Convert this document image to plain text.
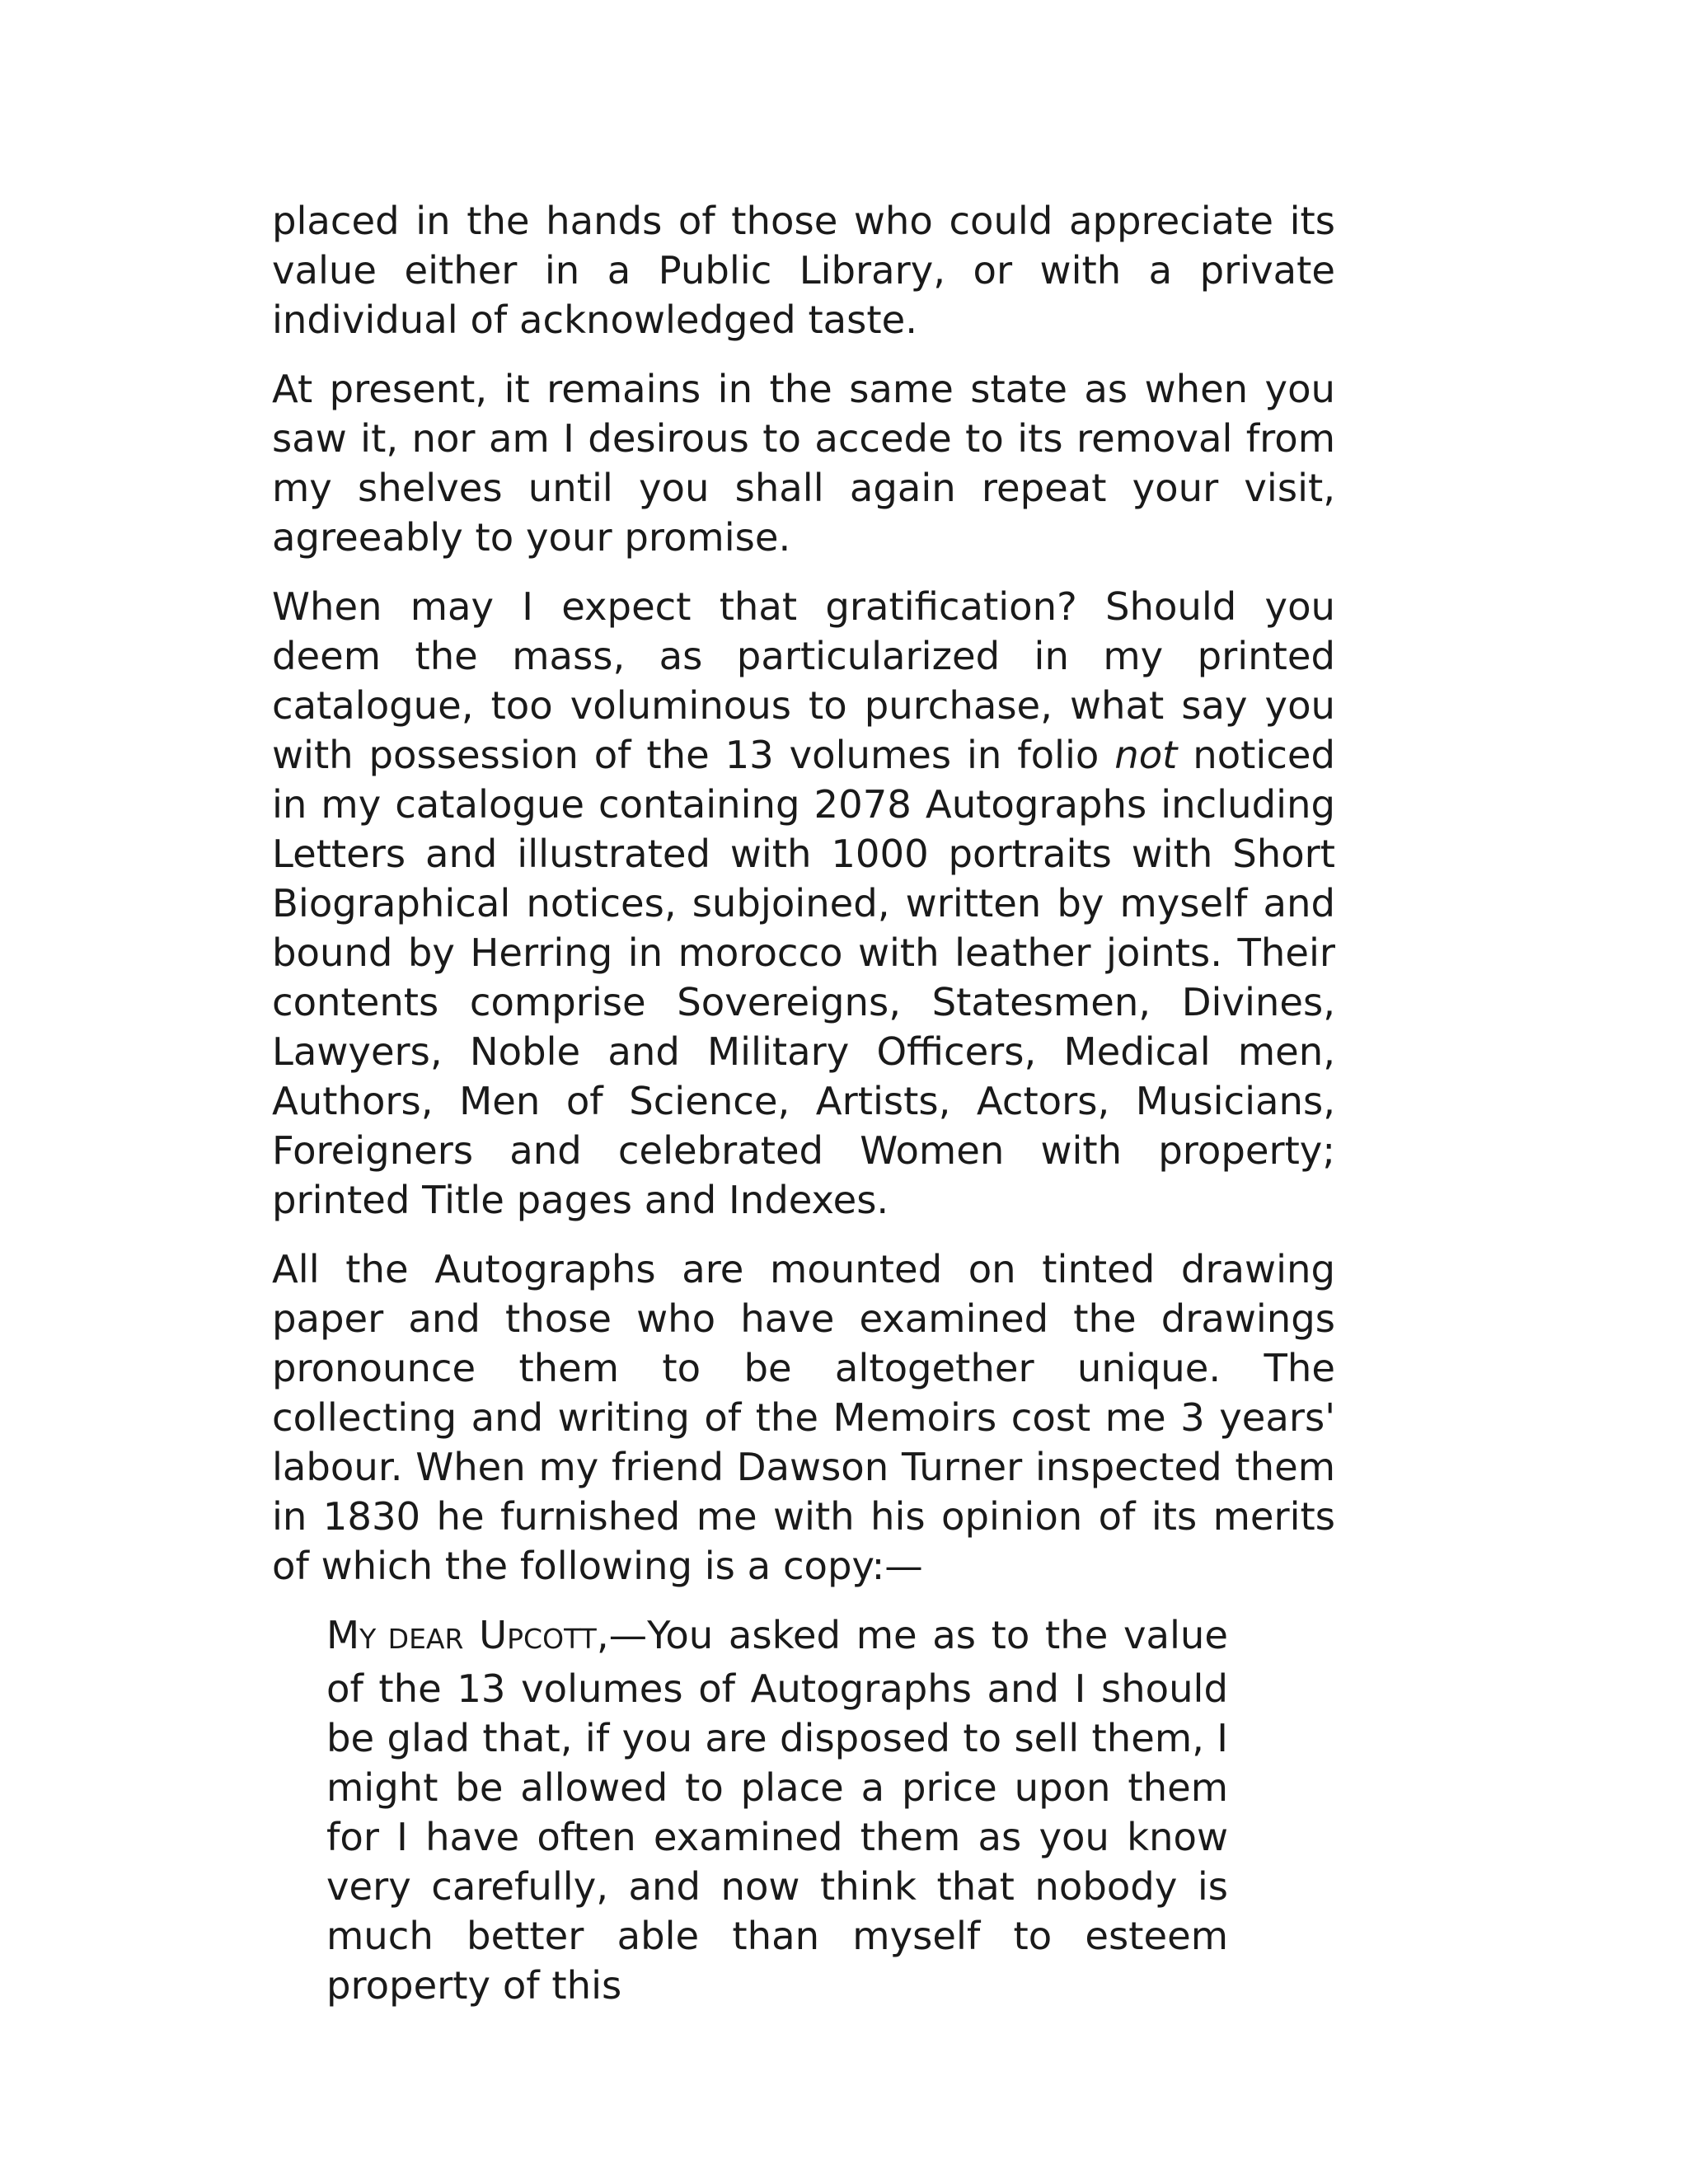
placed in the hands of those who could appreciate its value either in a Public Library, or with a private individual of acknowledged taste.

At present, it remains in the same state as when you saw it, nor am I desirous to accede to its removal from my shelves until you shall again repeat your visit, agreeably to your promise.

When may I expect that gratification? Should you deem the mass, as particularized in my printed catalogue, too voluminous to purchase, what say you with possession of the 13 volumes in folio not noticed in my catalogue containing 2078 Autographs including Letters and illustrated with 1000 portraits with Short Biographical notices, subjoined, written by myself and bound by Herring in morocco with leather joints. Their contents comprise Sovereigns, Statesmen, Divines, Lawyers, Noble and Military Officers, Medical men, Authors, Men of Science, Artists, Actors, Musicians, Foreigners and celebrated Women with property; printed Title pages and Indexes.

All the Autographs are mounted on tinted drawing paper and those who have examined the drawings pronounce them to be altogether unique. The collecting and writing of the Memoirs cost me 3 years' labour. When my friend Dawson Turner inspected them in 1830 he furnished me with his opinion of its merits of which the following is a copy:—

MY DEAR UPCOTT,—You asked me as to the value of the 13 volumes of Autographs and I should be glad that, if you are disposed to sell them, I might be allowed to place a price upon them for I have often examined them as you know very carefully, and now think that nobody is much better able than myself to esteem property of this
